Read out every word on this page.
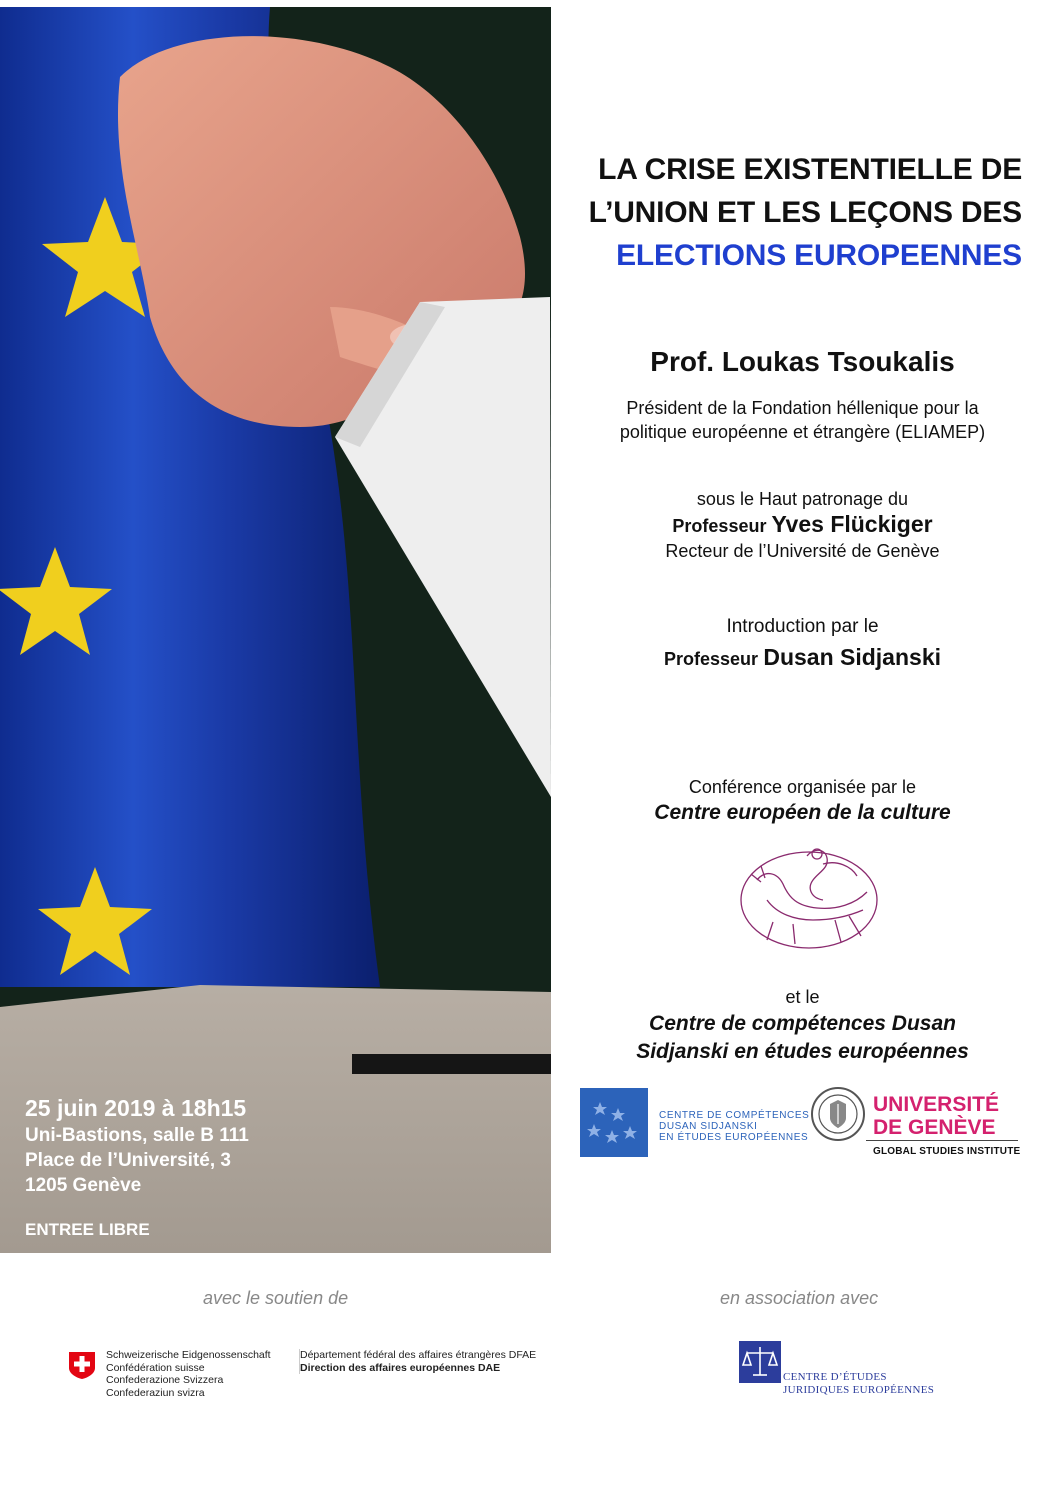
25 juin 2019 à 18h15
Uni-Bastions, salle B 111
Place de l’Université, 3
1205 Genève
ENTREE LIBRE
LA CRISE EXISTENTIELLE DE
L’UNION ET LES LEÇONS DES
ELECTIONS EUROPEENNES
Prof. Loukas Tsoukalis
Président de la Fondation héllenique pour la
politique européenne et étrangère (ELIAMEP)
sous le Haut patronage du
Professeur Yves Flückiger
Recteur de l’Université de Genève
Introduction par le
Professeur Dusan Sidjanski
Conférence organisée par le
Centre européen de la culture
et le
Centre de compétences Dusan
Sidjanski en études européennes
CENTRE DE COMPÉTENCES
DUSAN SIDJANSKI
EN ÉTUDES EUROPÉENNES
UNIVERSITÉ
DE GENÈVE
GLOBAL STUDIES INSTITUTE
avec le soutien de	en association avec
Schweizerische Eidgenossenschaft
Confédération suisse
Confederazione Svizzera
Confederaziun svizra
Département fédéral des affaires étrangères DFAE
Direction des affaires européennes DAE
CENTRE D’ÉTUDES
JURIDIQUES EUROPÉENNES
